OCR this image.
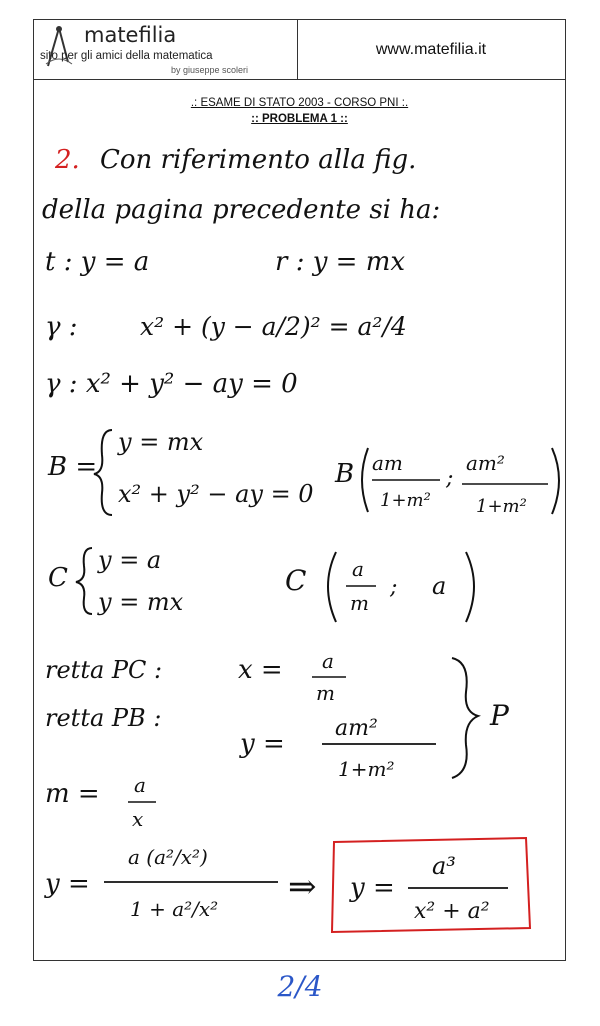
matefilia
sito per gli amici della matematica
by giuseppe scoleri
www.matefilia.it
.: ESAME DI STATO 2003 - CORSO PNI :.
:: PROBLEMA 1 ::
2. Con riferimento alla fig.
della pagina precedente si ha:
t : y = a	r : y = mx
γ : x² + (y − a/2)² = a²/4
γ : x² + y² − ay = 0
B =
y = mx
x² + y² − ay = 0
B am
1+m²
;
am²
1+m²
C
y = a
y = mx
C a
m
; a
retta PC :	x = a
m
retta PB :
y =
am²
1+m²
P
m = a
x
y =
a (a²/x²)
1 + a²/x²
⇒ y =
a³
x² + a²
2/4
